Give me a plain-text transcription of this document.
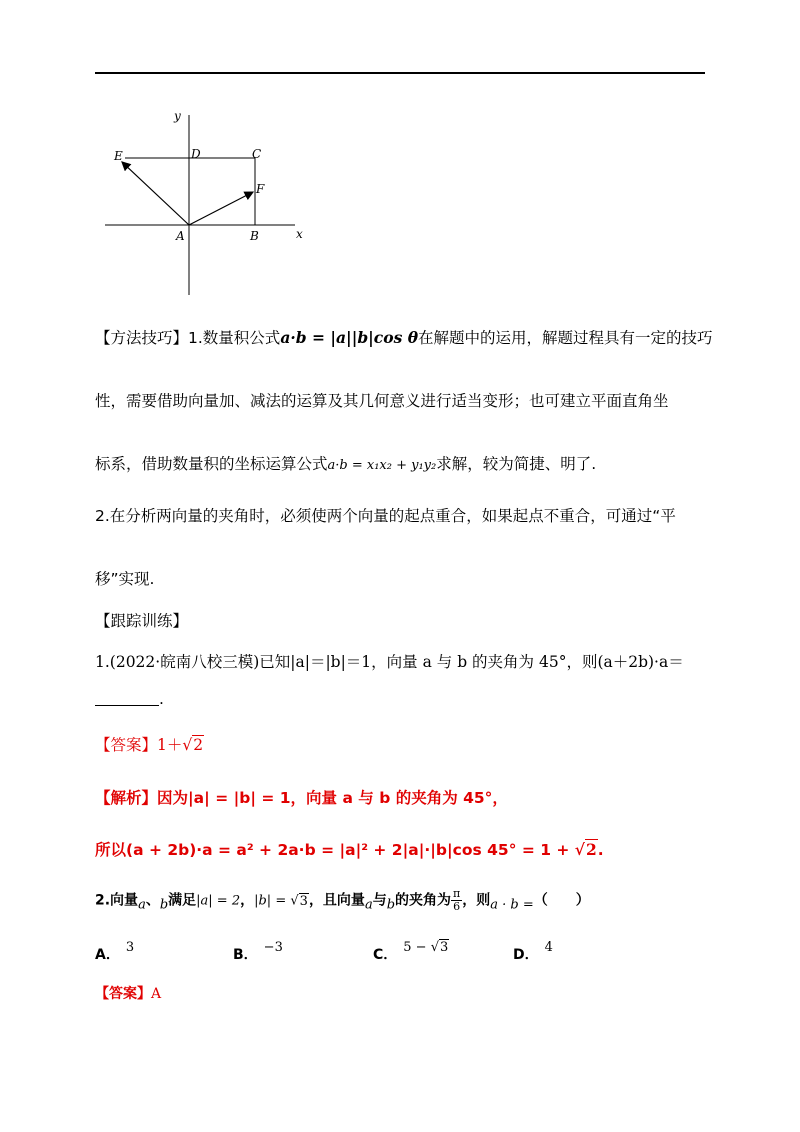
y
x
A	B
C
D
E
F
【方法技巧】1.数量积公式a·b = |a||b|cos θ在解题中的运用，解题过程具有一定的技巧
性，需要借助向量加、减法的运算及其几何意义进行适当变形；也可建立平面直角坐
标系，借助数量积的坐标运算公式a·b = x₁x₂ + y₁y₂求解，较为简捷、明了.
2.在分析两向量的夹角时，必须使两个向量的起点重合，如果起点不重合，可通过“平
移”实现.
【跟踪训练】
1.(2022·皖南八校三模)已知|a|＝|b|＝1，向量 a 与 b 的夹角为 45°，则(a＋2b)·a＝
.
【答案】1＋√2
【解析】因为|a| = |b| = 1，向量 a 与 b 的夹角为 45°，
所以(a + 2b)·a = a² + 2a·b = |a|² + 2|a|·|b|cos 45° = 1 + √2.
2.向量a、b满足|a| = 2，|b| = √3，且向量a与b的夹角为 $\frac{\pi}{6}$ ，则a · b =（　　）
A． 3	B． −3	C． 5 − √3	D． 4
【答案】A
